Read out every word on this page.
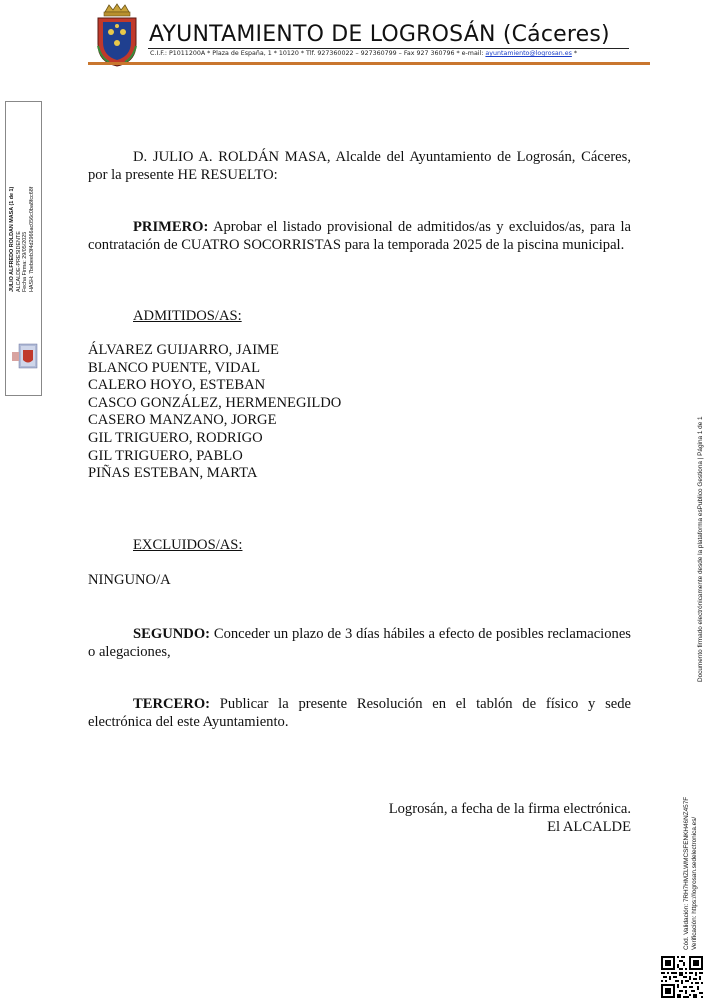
AYUNTAMIENTO DE LOGROSÁN (Cáceres)
C.I.F.: P1011200A * Plaza de España, 1 * 10120 * Tlf. 927360022 – 927360799 – Fax 927 360796 * e-mail: ayuntamiento@logrosan.es *
JULIO ALFREDO ROLDAN MASA (1 de 1) ALCALDE-PRESIDENTE Fecha Firma: 29/05/2025 HASH: 7bebeeb3f4d2966ac056c0ba8fcc68f
Cód. Validación: 7RH7HMZLWMCSFENKH46NZ457F Verificación: https://logrosan.sedelectronica.es/
Documento firmado electrónicamente desde la plataforma esPublico Gestiona | Página 1 de 1
D. JULIO A. ROLDÁN MASA, Alcalde del Ayuntamiento de Logrosán, Cáceres, por la presente HE RESUELTO:
PRIMERO: Aprobar el listado provisional de admitidos/as y excluidos/as, para la contratación de CUATRO SOCORRISTAS para la temporada 2025 de la piscina municipal.
ADMITIDOS/AS:
ÁLVAREZ GUIJARRO, JAIME
BLANCO PUENTE, VIDAL
CALERO HOYO, ESTEBAN
CASCO GONZÁLEZ, HERMENEGILDO
CASERO MANZANO, JORGE
GIL TRIGUERO, RODRIGO
GIL TRIGUERO, PABLO
PIÑAS ESTEBAN, MARTA
EXCLUIDOS/AS:
NINGUNO/A
SEGUNDO: Conceder un plazo de 3 días hábiles a efecto de posibles reclamaciones o alegaciones,
TERCERO: Publicar la presente Resolución en el tablón de físico y sede electrónica del este Ayuntamiento.
Logrosán, a fecha de la firma electrónica.
El ALCALDE
